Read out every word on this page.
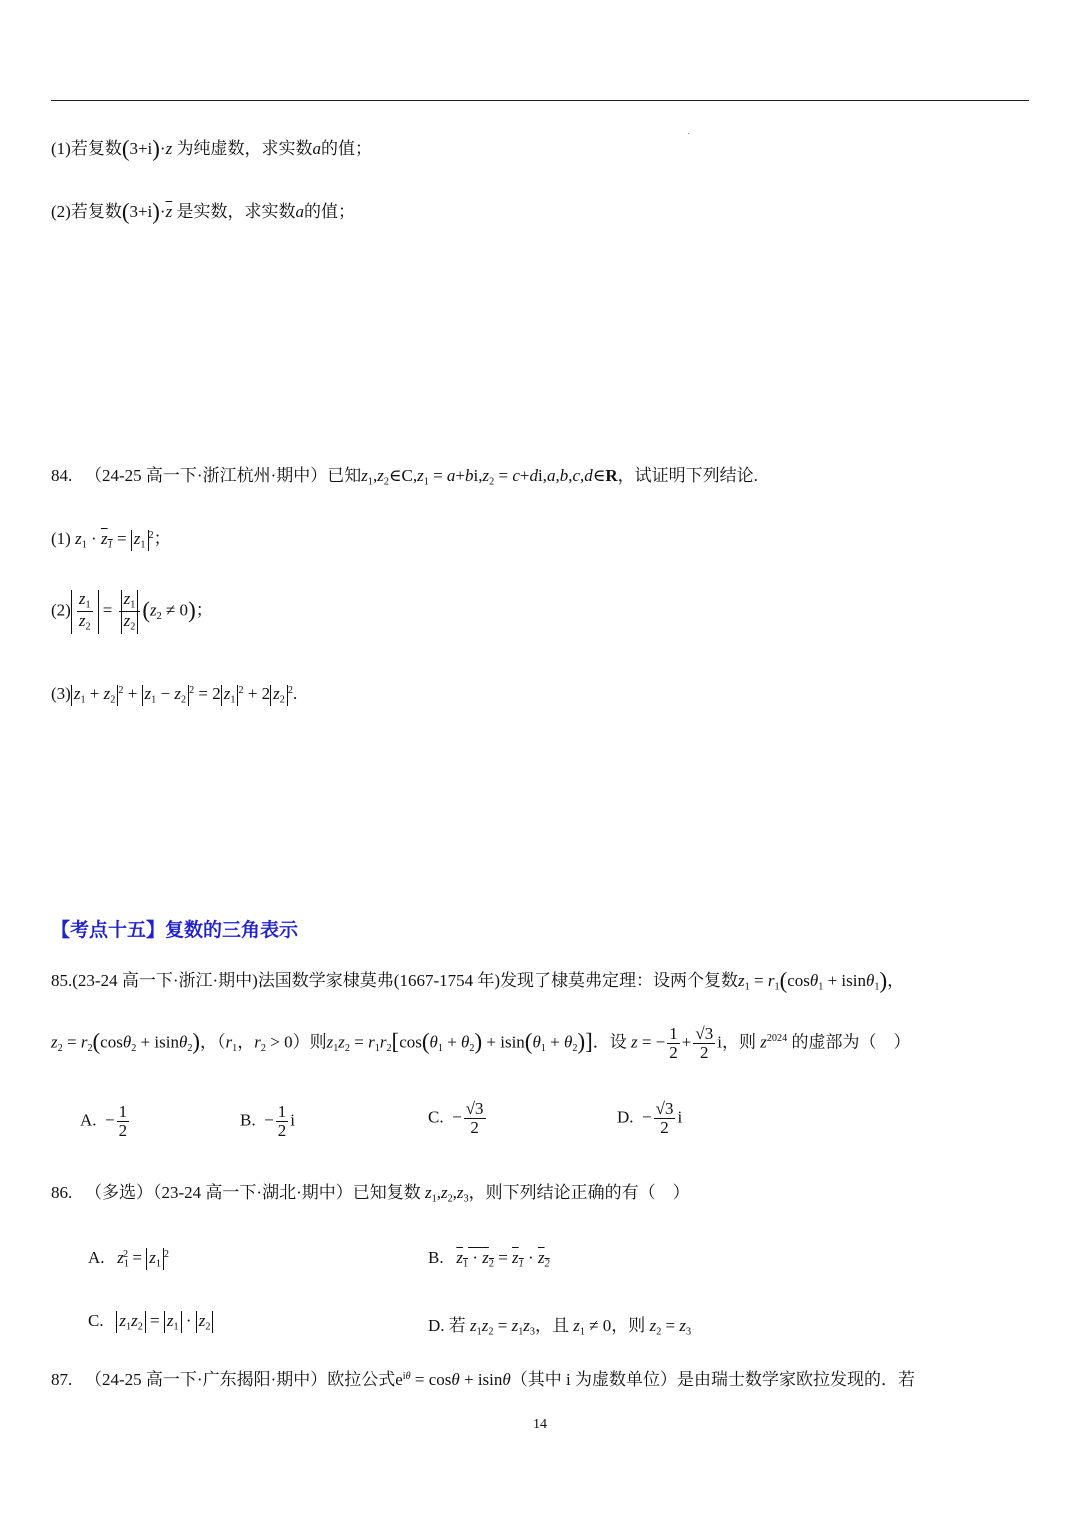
(1)若复数(3+i)·z 为纯虚数，求实数a的值；
(2)若复数$(3+i)\cdot\overline{z}$ 是实数，求实数a的值；
84. （24-25 高一下·浙江杭州·期中）已知$z_1,z_2\in C,z_1 = a+bi,z_2$ = c+di,a,b,c,d∈R，试证明下列结论.
(1) $z_1 \cdot z_1 = z_1^2$；
$(2) \frac{z_1}{z_2} = \frac{z_1}{z_2} (z_2 \ne 0)$；
(3) $z_1 + z_2^2 + z_1 - z_2^2 = 2$ $z_1^2 + 2$ $z_2^2$.
【考点十五】复数的三角表示
85.(23-24 高一下·浙江·期中)法国数学家棣莫弗(1667-1754 年)发现了棣莫弗定理：设两个复数$z_1 = r_1(\cos\theta_1 + isin\theta_1)$，
$z_2 = r_2(\cos\theta_2 + isin\theta_2)$，（$r_1$，$r_2 > 0$）则$z_1z_2 = r_1r_2[\cos(\theta_1 + \theta_2) + isin(\theta_1 + \theta_2)]$．设 z = − $\frac{1}{2} + \frac{√3}{2}$ i，则 $z^{2024}$ 的虚部为（    ）
A.  − $\frac{1}{2}$	B.  − $\frac{1}{2}$ i	C.  − $\frac{√3}{2}$	D.  − $\frac{√3}{2}$ i
86. （多选）（23-24 高一下·湖北·期中）已知复数 $z_1,z_2,z_3$，则下列结论正确的有（    ）
A. $z_1^2 = z_1^2$	B. $z_1 \cdot z_2 = z_1 \cdot z_2$
C. $z_1z_2 = z_1 \cdot z_2$	D. 若 $z_1z_2 = z_1z_3$，且 $z_1 \ne 0$，则 $z_2 = z_3$
87. （24-25 高一下·广东揭阳·期中）欧拉公式$e^{i\theta} = \cos\theta + isin\theta$（其中 i 为虚数单位）是由瑞士数学家欧拉发现的．若
14
